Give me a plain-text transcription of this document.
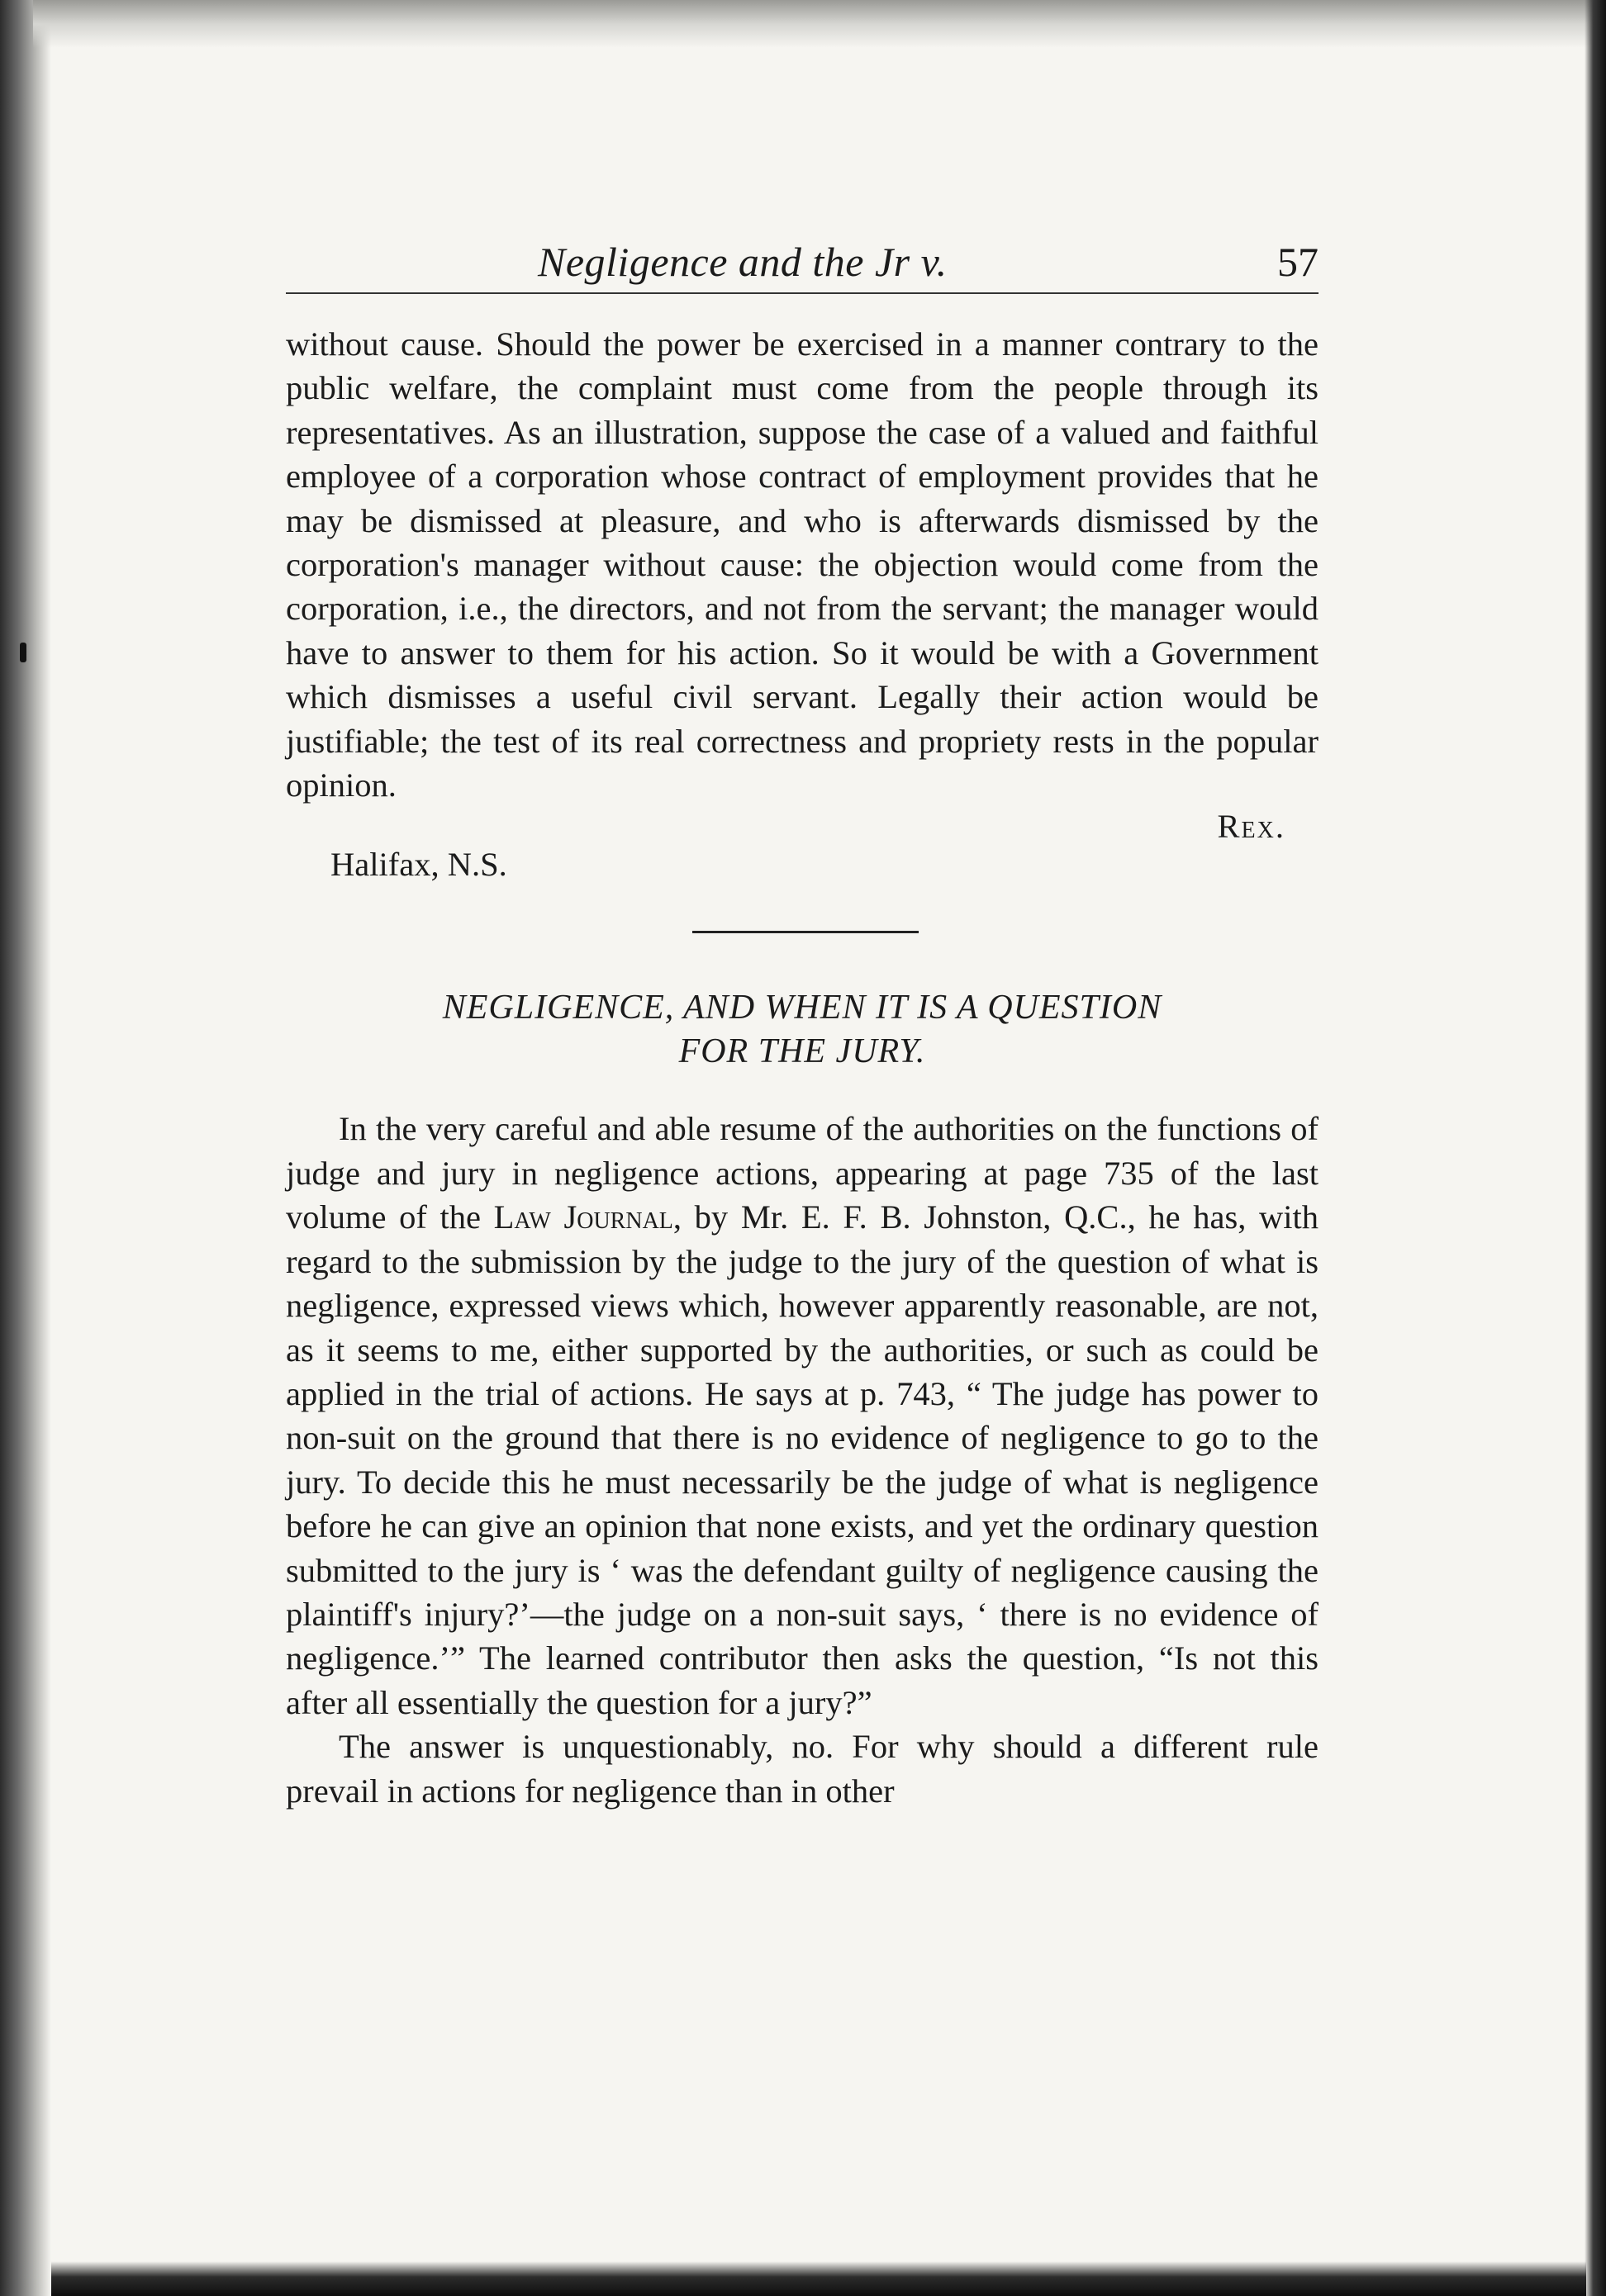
Negligence and the Jr v.	57

without cause. Should the power be exercised in a manner contrary to the public welfare, the complaint must come from the people through its representatives. As an illustration, suppose the case of a valued and faithful employee of a corporation whose contract of employment provides that he may be dismissed at pleasure, and who is afterwards dismissed by the corporation's manager without cause: the objection would come from the corporation, i.e., the directors, and not from the servant; the manager would have to answer to them for his action. So it would be with a Government which dismisses a useful civil servant. Legally their action would be justifiable; the test of its real correctness and propriety rests in the popular opinion.

Rex.
Halifax, N.S.
NEGLIGENCE, AND WHEN IT IS A QUESTION
FOR THE JURY.

In the very careful and able resume of the authorities on the functions of judge and jury in negligence actions, appearing at page 735 of the last volume of the Law Journal, by Mr. E. F. B. Johnston, Q.C., he has, with regard to the submission by the judge to the jury of the question of what is negligence, expressed views which, however apparently reasonable, are not, as it seems to me, either supported by the authorities, or such as could be applied in the trial of actions. He says at p. 743, “ The judge has power to non-suit on the ground that there is no evidence of negligence to go to the jury. To decide this he must necessarily be the judge of what is negligence before he can give an opinion that none exists, and yet the ordinary question submitted to the jury is ‘ was the defendant guilty of negligence causing the plaintiff's injury?’—the judge on a non-suit says, ‘ there is no evidence of negligence.’” The learned contributor then asks the question, “Is not this after all essentially the question for a jury?”

The answer is unquestionably, no. For why should a different rule prevail in actions for negligence than in other
